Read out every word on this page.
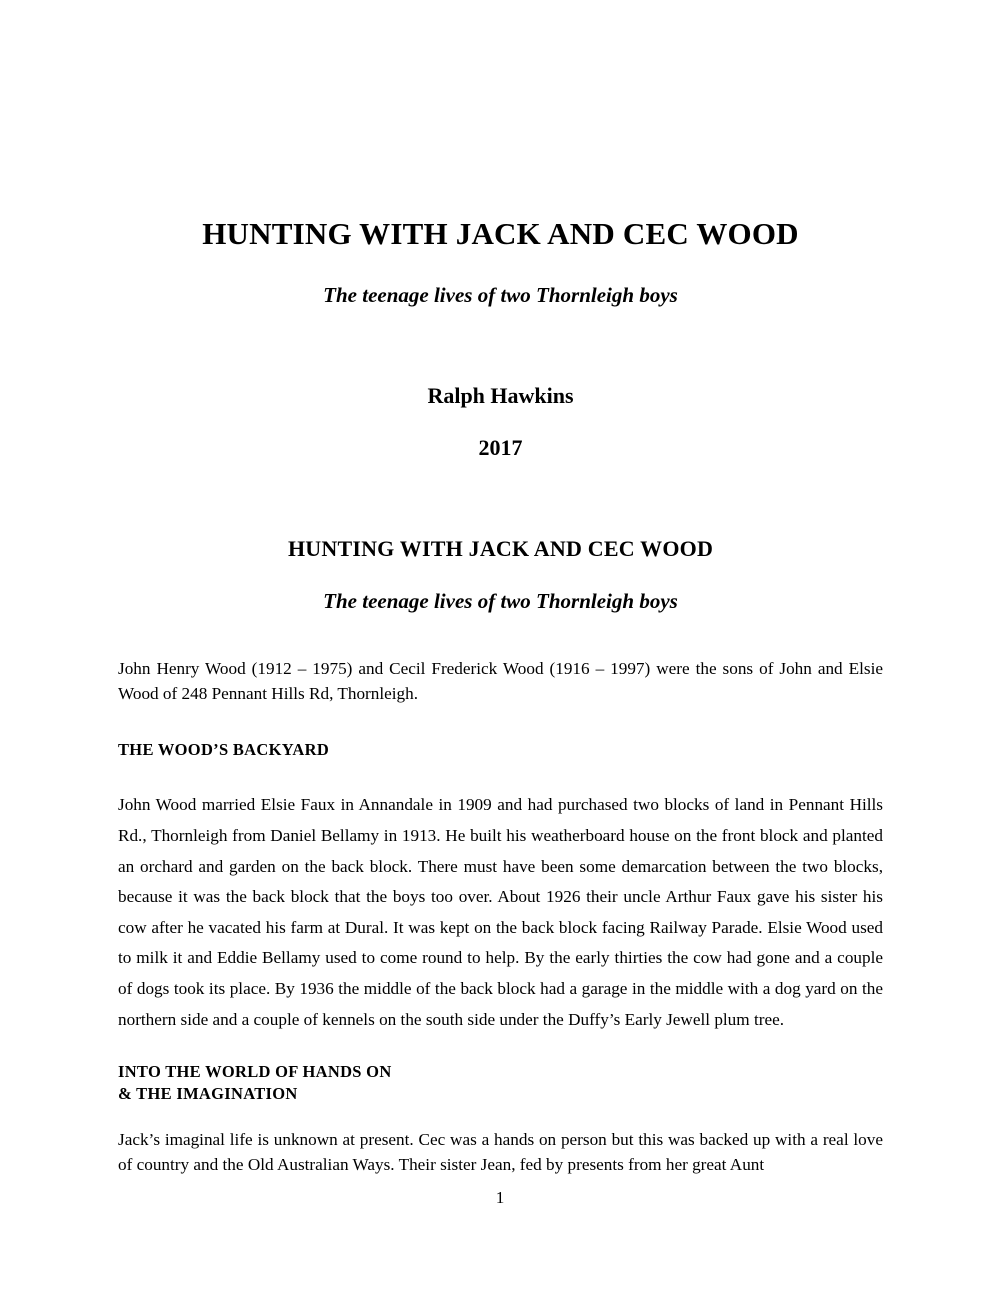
HUNTING WITH JACK AND CEC WOOD
The teenage lives of two Thornleigh boys

Ralph Hawkins

2017

HUNTING WITH JACK AND CEC WOOD
The teenage lives of two Thornleigh boys

John Henry Wood (1912 – 1975) and Cecil Frederick Wood (1916 – 1997) were the sons of John and Elsie Wood of 248 Pennant Hills Rd, Thornleigh.

THE WOOD’S BACKYARD

John Wood married Elsie Faux in Annandale in 1909 and had purchased two blocks of land in Pennant Hills Rd., Thornleigh from Daniel Bellamy in 1913. He built his weatherboard house on the front block and planted an orchard and garden on the back block. There must have been some demarcation between the two blocks, because it was the back block that the boys too over. About 1926 their uncle Arthur Faux gave his sister his cow after he vacated his farm at Dural. It was kept on the back block facing Railway Parade. Elsie Wood used to milk it and Eddie Bellamy used to come round to help. By the early thirties the cow had gone and a couple of dogs took its place. By 1936 the middle of the back block had a garage in the middle with a dog yard on the northern side and a couple of kennels on the south side under the Duffy’s Early Jewell plum tree.

INTO THE WORLD OF HANDS ON
& THE IMAGINATION

Jack’s imaginal life is unknown at present. Cec was a hands on person but this was backed up with a real love of country and the Old Australian Ways. Their sister Jean, fed by presents from her great Aunt

1
